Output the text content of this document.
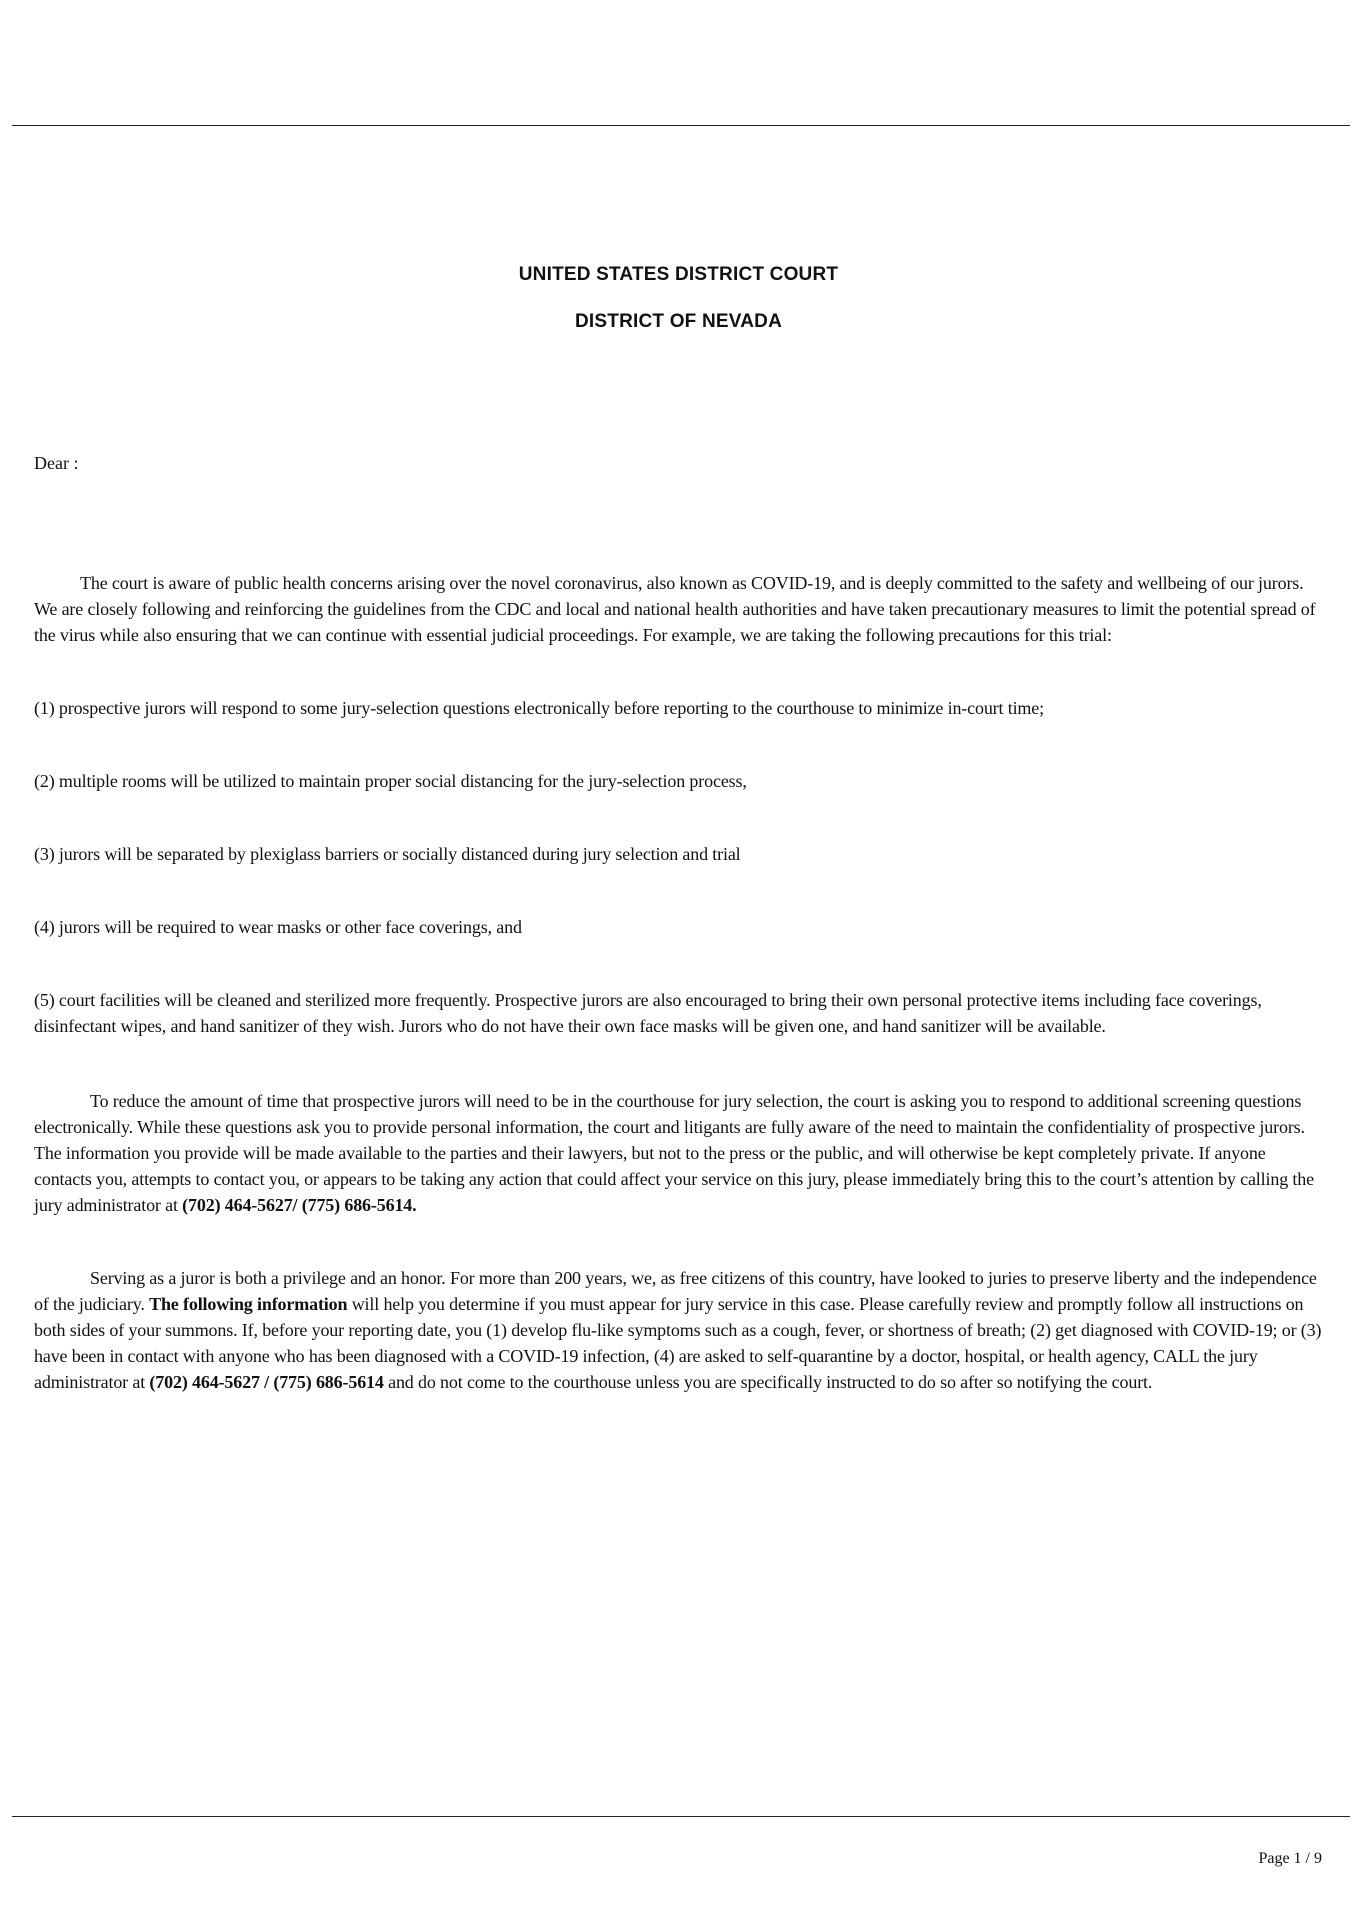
UNITED STATES DISTRICT COURT
DISTRICT OF NEVADA

Dear :

The court is aware of public health concerns arising over the novel coronavirus, also known as COVID-19, and is deeply committed to the safety and wellbeing of our jurors. We are closely following and reinforcing the guidelines from the CDC and local and national health authorities and have taken precautionary measures to limit the potential spread of the virus while also ensuring that we can continue with essential judicial proceedings. For example, we are taking the following precautions for this trial:

(1) prospective jurors will respond to some jury-selection questions electronically before reporting to the courthouse to minimize in-court time;

(2) multiple rooms will be utilized to maintain proper social distancing for the jury-selection process,

(3) jurors will be separated by plexiglass barriers or socially distanced during jury selection and trial

(4) jurors will be required to wear masks or other face coverings, and

(5) court facilities will be cleaned and sterilized more frequently. Prospective jurors are also encouraged to bring their own personal protective items including face coverings, disinfectant wipes, and hand sanitizer of they wish. Jurors who do not have their own face masks will be given one, and hand sanitizer will be available.

To reduce the amount of time that prospective jurors will need to be in the courthouse for jury selection, the court is asking you to respond to additional screening questions electronically. While these questions ask you to provide personal information, the court and litigants are fully aware of the need to maintain the confidentiality of prospective jurors. The information you provide will be made available to the parties and their lawyers, but not to the press or the public, and will otherwise be kept completely private. If anyone contacts you, attempts to contact you, or appears to be taking any action that could affect your service on this jury, please immediately bring this to the court’s attention by calling the jury administrator at (702) 464-5627/ (775) 686-5614.

Serving as a juror is both a privilege and an honor. For more than 200 years, we, as free citizens of this country, have looked to juries to preserve liberty and the independence of the judiciary. The following information will help you determine if you must appear for jury service in this case. Please carefully review and promptly follow all instructions on both sides of your summons. If, before your reporting date, you (1) develop flu-like symptoms such as a cough, fever, or shortness of breath; (2) get diagnosed with COVID-19; or (3) have been in contact with anyone who has been diagnosed with a COVID-19 infection, (4) are asked to self-quarantine by a doctor, hospital, or health agency, CALL the jury administrator at (702) 464-5627 / (775) 686-5614 and do not come to the courthouse unless you are specifically instructed to do so after so notifying the court.

Page 1 / 9
